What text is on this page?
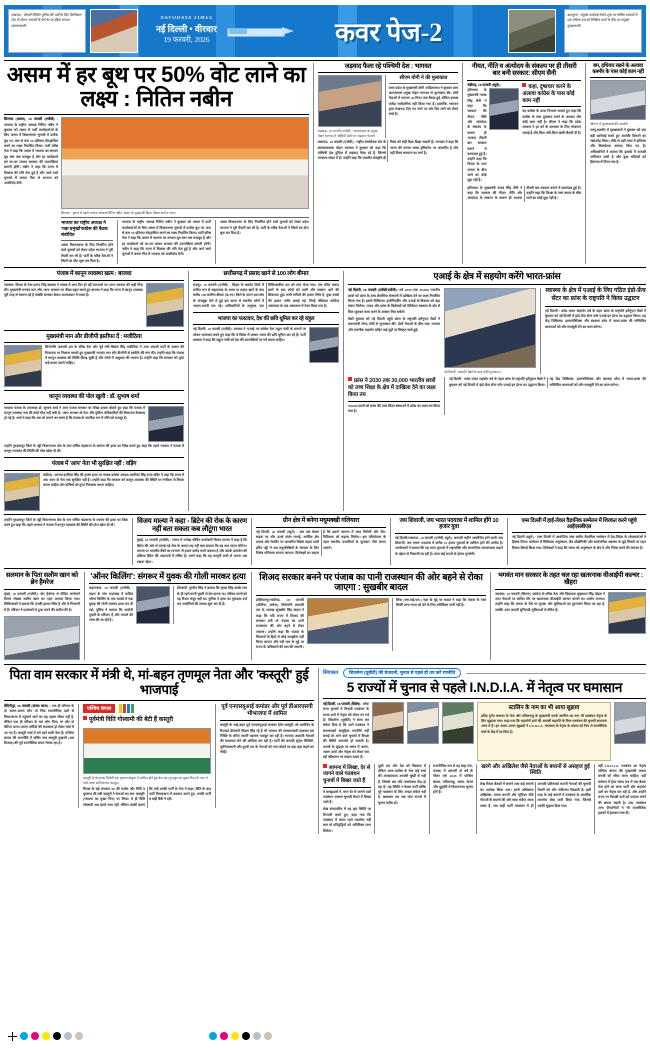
लखनऊ : पीएसी रेजिमेंट पुलिस की भर्ती के लिए फिजिकल टेस्ट के दौरान अभ्यर्थी के पैरों पैर पर बैंडेज लगाता स्वास्थ्यकर्मी।
NAVODAYA TIMES
नई दिल्ली • वीरवार
19 फरवरी, 2026	कवर पेज-2
बारामूला : संयुक्त कार्रवाई सेनाएं शुरू पर घोषित शासकों में एक संदिग्ध मंच को निष्क्रिय करने के लिए पर संयुक्त सुरक्षाकर्मी।
असम में हर बूथ पर 50% वोट लाने का लक्ष्य : नितिन नबीन
सिलचर (असम), 18 फरवरी (एजेंसी) : भाजपा के राष्ट्रीय अध्यक्ष नितिन नबीन ने बुधवार को असम में पार्टी कार्यकर्ताओं के लिए असम में विधानसभा चुनावों में प्रत्येक बूथ पर, कम से कम 50 प्रतिशत वोटहासिल करने का लक्ष्य निर्धारित किया। पार्टी वरिष्ठ नेता ने कहा कि असम में भाजपा का संगठन बूथ स्तर तक मजबूत है और हर कार्यकर्ता को घर-घर जाकर सरकार की उपलब्धियां बतानी होंगी। नबीन ने कहा कि राज्य में विकास की गति तेज हुई है और आने वाले चुनावों में जनता फिर से भाजपा को आशीर्वाद देगी।
सिलचर : चुनाव से पहले भाजपा अध्यक्ष नितिन नबीन, असम के मुख्यमंत्री हिमंत बिस्वा शर्मा व अन्य।
भाजपा का राष्ट्रीय अध्यक्ष ने 'पन्ना प्रमुखों'कांग्रेस की बैठक संबोधित
असम विधानसभा के लिए निर्धारित होने वाले चुनावों को लेकर प्रदेश भाजपा ने पूरी तैयारी कर ली है। पार्टी के वरिष्ठ नेताओं ने जिलों का दौरा शुरू कर दिया है।
भाजपा के राष्ट्रीय अध्यक्ष नितिन नबीन ने बुधवार को असम में पार्टी कार्यकर्ताओं के लिए असम में विधानसभा चुनावों में प्रत्येक बूथ पर, कम से कम 50 प्रतिशत वोटहासिल करने का लक्ष्य निर्धारित किया। पार्टी वरिष्ठ नेता ने कहा कि असम में भाजपा का संगठन बूथ स्तर तक मजबूत है और हर कार्यकर्ता को घर-घर जाकर सरकार की उपलब्धियां बतानी होंगी। नबीन ने कहा कि राज्य में विकास की गति तेज हुई है और आने वाले चुनावों में जनता फिर से भाजपा को आशीर्वाद देगी।
असम विधानसभा के लिए निर्धारित होने वाले चुनावों को लेकर प्रदेश भाजपा ने पूरी तैयारी कर ली है। पार्टी के वरिष्ठ नेताओं ने जिलों का दौरा शुरू कर दिया है।
जड़वाद फैला रहे पश्चिमी देश : भागवत
लखनऊ, 18 फरवरी (एजेंसी) : आरएसएस के प्रमुख मोहन भागवत ने पश्चिमी देशों पर 'जड़वाद' फैलाने
सीएम योगी ने की मुलाकात
उत्तर प्रदेश के मुख्यमंत्री योगी आदित्यनाथ ने बुधवार शाम आरएसएस प्रमुख मोहन भागवत से मुलाकात की। दोनों नेताओं में लगभग 40 मिनट तक बैठक हुई, लेकिन इसका एजेंडा सार्वजनिक नहीं किया गया है। हालांकि, भागवत द्वारा लखनऊ दिए गए जाने पर जोर दिए जाने को लेकर चर्चा है।
लखनऊ, 18 फरवरी (एजेंसी) : राष्ट्रीय स्वयंसेवक संघ के सरसंघचालक मोहन भागवत ने बुधवार को कहा कि पश्चिमी देश दुनिया में जड़वाद फैला रहे हैं, जिससे मानवता संकट में है। उन्होंने कहा कि भारतीय संस्कृति ही विश्व को सही दिशा दिखा सकती है। भागवत ने कहा कि भारत की परंपरा समग्र दृष्टिकोण पर आधारित है और यही विश्व कल्याण का मार्ग है।
नीयत, नीति व अंत्योदय के संकल्प पर ही तीसरी बार बनी सरकार: सीएम सैनी
चंडीगढ़, 18 फरवरी (ब्यूरो):
हरियाणा के मुख्यमंत्री नायब सिंह सैनी ने कहा कि सरकार की नीयत, नीति और अंत्योदय के संकल्प के कारण ही भाजपा तीसरी बार सरकार बनाने में कामयाब हुई है। उन्होंने कहा कि विपक्ष के पास जनता के बीच जाने का कोई मुद्दा नहीं है।
कहा, दुष्प्रचार करने के अलावा कांग्रेस के पास कोई काम नहीं
वह कांग्रेस के ऊपर निशाना साधते हुए कहा कि कांग्रेस के पास दुष्प्रचार करने के अलावा और कोई काम नहीं है। सीएम ने कहा कि प्रदेश सरकार ने हर वर्ग के कल्याण के लिए योजनाएं चलाई हैं और बिना पर्ची-बिना खर्ची नौकरी दी है।
हरियाणा के मुख्यमंत्री नायब सिंह सैनी ने कहा कि सरकार की नीयत, नीति और अंत्योदय के संकल्प के कारण ही भाजपा तीसरी बार सरकार बनाने में कामयाब हुई है। उन्होंने कहा कि विपक्ष के पास जनता के बीच जाने का कोई मुद्दा नहीं है।
बम, हथियार रखने के अलावा कश्मीर के पास कोई काम नहीं
श्रीनगर में सुरक्षाबलों की तलाशी।
जम्मू-कश्मीर में सुरक्षाबलों ने बुधवार को एक बड़ी कार्रवाई करते हुए आतंकी ठिकाने का भंडाफोड़ किया। मौके से बड़ी मात्रा में हथियार और विस्फोटक बरामद किए गए हैं। अधिकारियों ने बताया कि इलाके में तलाशी अभियान जारी है और कुछ संदिग्धों को हिरासत में लिया गया है।
पंजाब में कानून व्यवस्था खत्म : बाजवा
जालंधर: विपक्ष के नेता प्रताप सिंह बाजवा ने पंजाब में आए दिन हो रही घटनाओं पर 'आप' सरकार की कड़ी निंदा की। मुख्यमंत्री भगवंत मान और 'आप' सरकार पर तीखा प्रहार करते हुए बाजवा ने कहा कि राज्य में कानून-व्यवस्था पूरी तरह से चरमरा गई है जबकि सरकार केवल आत्मप्रचार में व्यस्त है।
मुख्यमंत्री मान और डीजीपी इस्तीफा दें : मजीठिया
शिरोमणि अकाली दल के वरिष्ठ नेता और पूर्व मंत्री बिक्रम सिंह मजीठिया ने आम आदमी पार्टी के शासन की विफलता पर निशाना साधते हुए मुख्यमंत्री भगवंत मान और डीजीपी से इस्तीफे की मांग की। उन्होंने कहा कि पंजाब में कानून-व्यवस्था की स्थिति बिगड़ चुकी है और लोगों में असुरक्षा की भावना है। उन्होंने कहा कि सरकार को तुरंत कड़े कदम उठाने चाहिए।
कानून व्यवस्था की पोल खुली : डॉ. सुभाष शर्मा
भाजपा पंजाब के उपाध्यक्ष डॉ. सुभाष शर्मा ने आप पंजाब सरकार पर तीखा हमला बोलते हुए कहा कि पंजाब में कानून व्यवस्था नाम की कोई चीज नहीं बची है। 'आप' सरकार के नेता और पुलिस अधिकारियों की विफलता बेनकाब हो गई है। शर्मा ने कहा कि अब जो लगाने का समय है कि पंजाब के नागरिक भय में जीने को मजबूर हैं।
उन्होंने गुरदासपुर जिले के पट्टी विधानसभा क्षेत्र के नाम चर्चित महासभा के सरपंच की हत्या का जिक्र करते हुए कहा कि पहले भाजपा ने पंजाब में कानून व्यवस्था की स्थिति की पोल खोल दी थी।
पंजाब में 'आप' नेता भी सुरक्षित नहीं : वड़िंग
चंडीगढ़ : सरपंच हरविंदर सिंह की नृशंस हत्या पर पंजाब कांग्रेस अध्यक्ष अमरिंदर सिंह राजा वड़िंग ने कहा कि राज्य में अब 'आप' के नेता तक सुरक्षित नहीं हैं। उन्होंने कहा कि सरकार को कानून-व्यवस्था की स्थिति पर गंभीरता से विचार करना चाहिए और दोषियों को तुरंत गिरफ्तार करना चाहिए।
छत्तीसगढ़ में प्रसाद खाने से 100 लोग बीमार
रायपुर, 18 फरवरी (एजेंसी) : बिहार के बालोद जिले में कथित रूप से महाप्रसाद के असर या प्रसाद खाने के बाद करीब 100 ग्रामीण बीमार पड़ गए। जिले के पाटन ग्राम क्षेत्र के चंगाबुड़ा ठेले में हुई इस घटना से स्थानीय लोगों में अफरा-तफरी मच गई। अधिकारियों के अनुसार, एक चिकित्सकीय दल को गांव भेजा गया। एक मंदिर प्रसाद खाने के बाद लोगों को उल्टी और चक्कर आने की शिकायत हुई। सभी मरीजों की हालत स्थिर है, कुछ बच्चों की हालत गंभीर बताई गई, जिन्हें मेडिकल कॉलेज अस्पताल के एक अस्पताल में रेफर किया गया है।
भाजपा का पलटवार, देश की छवि धूमिल कर रहे राहुल
नई दिल्ली, 18 फरवरी (एजेंसी): भाजपा ने 'एआई' पर कांग्रेस नेता राहुल गांधी के बयानों पर लोकर पलटवार करते हुए कहा कि वे विदेश में जाकर भारत की छवि धूमिल कर रहे हैं। पार्टी प्रवक्ता ने कहा कि राहुल गांधी को देश की उपलब्धियों पर गर्व करना चाहिए।
एआई के क्षेत्र में सहयोग करेंगे भारत-फ्रांस
नई दिल्ली, 18 फरवरी (एजेंसी/एजेंसी): वर्ष 2030 तक 30,000 भारतीय छात्रों को फ्रांस के उच्च शैक्षणिक संस्थानों में दाखिला देने का लक्ष्य निर्धारित किया गया है। इससे चिकित्सा, इंजीनियरिंग और एआई के विकास को बड़ा संबल मिलेगा। भारत और फ्रांस के विशेषज्ञों को डिजिटल स्वास्थ्य के क्षेत्र में मिल जुलकर काम करने के अवसर मिल सकेंगे।
मैक्रों बुधवार को नई दिल्ली पहुंचे फ्रांस के राष्ट्रपति इमैनुएल मैक्रों ने प्रधानमंत्री नरेन्द्र मोदी से मुलाकात की। दोनों नेताओं के बीच रक्षा, व्यापार और तकनीक सहयोग सहित कई मुद्दों पर विस्तृत चर्चा हुई।
नई दिल्ली : राष्ट्रपति मैक्रों के साथ मोदी मुलाकात।
स्वास्थ्य के क्षेत्र में एआई के लिए गठित इंडो-फ्रेंच सेंटर का फ्रांस के राष्ट्रपति ने किया उद्घाटन
नई दिल्ली : फ्रांस-भारत सहयोग वर्ष के तहत फ्रांस के राष्ट्रपति इमैनुएल मैक्रों ने बुधवार को नई दिल्ली में इंडो-फ्रेंच सेंटर फॉर एआई इन हेल्थ का उद्घाटन किया। यह केंद्र चिकित्सा, डायग्नोस्टिक्स और स्वास्थ्य शोध में भारत-फ्रांस की सम्मिलित क्षमताओं को और मजबूती देने का काम करेगा।
फ्रांस ने 2030 तक 30,000 भारतीय छात्रों को उच्च शिक्षा के क्षेत्र में दाखिला देने का लक्ष्य किया तय
30,000 छात्रों को फ्रांस की उच्च शिक्षा संस्थाओं में प्रवेश का लक्ष्य तय किया गया है।
नई दिल्ली : फ्रांस-भारत सहयोग वर्ष के तहत फ्रांस के राष्ट्रपति इमैनुएल मैक्रों ने बुधवार को नई दिल्ली में इंडो-फ्रेंच सेंटर फॉर एआई इन हेल्थ का उद्घाटन किया। यह केंद्र चिकित्सा, डायग्नोस्टिक्स और स्वास्थ्य शोध में भारत-फ्रांस की सम्मिलित क्षमताओं को और मजबूती देने का काम करेगा।
उन्होंने गुरदासपुर जिले के पट्टी विधानसभा क्षेत्र के नाम चर्चित महासभा के सरपंच की हत्या का जिक्र करते हुए कहा कि पहले भाजपा ने पंजाब में कानून व्यवस्था की स्थिति की पोल खोल दी थी।
विजय माल्या ने कहा - ब्रिटेन की रोक के कारण नहीं बता सकता कब लौटूंगा भारत
मुंबई, 18 फरवरी (एजेंसी) : भारत में भगोड़ा घोषित कारोबारी विजय माल्या ने कहा है कि ब्रिटेन की ओर से लगाई गई रोक के कारण वह नहीं बता सकता कि वह कब भारत लौटेगा। माल्या पर भारतीय बैंकों का लगभग नौ हजार करोड़ रुपये बकाया है और उसके प्रत्यर्पण की प्रक्रिया ब्रिटेन की अदालतों में लंबित है। उसने कहा कि वह कानूनी रास्ते से अपना पक्ष रखता रहेगा।
ग्रीन क्षेत्र में बनेगा मधुमक्खी गलियारा
नई दिल्ली, 18 फरवरी (ब्यूरो) : अब तक केवल सड़क पर और ऊर्जा संयंत्र लगाई, आर्थिक क्षेत्र प्रभाव और रेस्टोरेंट पर आधारित विशेष महत्व वाली हरित पट्टी में अब मधुमक्खियों के संरक्षण के लिए विशेष गलियारा बनाया जाएगा। विशेषज्ञों का कहना है कि इससे परागण में मदद मिलेगी और जैव-विविधता को बढ़ावा मिलेगा। इस परियोजना के तहत स्थानीय प्रजातियों के फूलदार पौधे लगाए जाएंगे।
जय शिवाजी, जय भारत पदयात्रा में शामिल होंगे 10 हजार युवा
नई दिल्ली/लखनऊ, 18 फरवरी (एजेंसी, ब्यूरो): आगामी महीने आयोजित होने वाली 'जय शिवाजी, जय भारत' पदयात्रा में करीब 10 हजार युवाओं के शामिल होने की उम्मीद है। आयोजकों ने बताया कि यह यात्रा युवाओं में राष्ट्रभक्ति और सामाजिक जागरूकता बढ़ाने के उद्देश्य से निकाली जा रही है। यात्रा कई राज्यों से होकर गुजरेगी।
एम्स दिल्ली में हाई-लेवल वैज्ञानिक सम्मेलन में शिरकत करने पहुंचे आईएसबीएस
नई दिल्ली (ब्यूरो) : एम्स दिल्ली में आयोजित उच्च स्तरीय वैज्ञानिक सम्मेलन में देश-विदेश के शोधकर्ताओं ने हिस्सा लिया। सम्मेलन में चिकित्सा अनुसंधान, जैव प्रौद्योगिकी और सार्वजनिक स्वास्थ्य से जुड़े विषयों पर गहन विचार-विमर्श किया गया। विशेषज्ञों ने कहा कि भारत को अनुसंधान के क्षेत्र में और निवेश करने की जरूरत है।
सलमान के पिता सलीम खान को ब्रेन हैमरेज
मुंबई, 18 फरवरी (एजेंसी): 'ब्रेन हैमरेज' से पीड़ित जानेमाने फिल्म लेखक सलीम खान का गहन उपचार किया गया। चिकित्सकों ने बताया कि उनकी हालत स्थिर है और वे निगरानी में हैं। परिवार ने प्रशंसकों से दुआ करने की अपील की है।
'ऑनर किलिंग': संगरूर में युवक की गोली मारकर हत्या
लहरागागा, 18 फरवरी (एजेंसी) : लहरा के गांव भदलवड में कथित ऑनर किलिंग के एक मामले में एक युवक की गोली मारकर हत्या कर दी गई। पुलिस ने बताया कि आरोपी युवती के परिजन हैं और मामले की जांच की जा रही है।
डीएसपी. गुरमीत सिंह ने बताया कि मृतक सिंह उसके गांव के ही रहने वाली युवती से प्रेम करता था। परिवार वालों को यह रिश्ता मंजूर नहीं था। पुलिस ने हत्या का मुकदमा दर्ज कर आरोपियों की तलाश शुरू कर दी है।
शिअद सरकार बनने पर पंजाब का पानी राजस्थान की ओर बहने से रोका जाएगा : सुखबीर बादल
होशियारपुर/चंडीगढ़, 18 फरवरी (सोनिया, अर्चना): शिरोमणि अकाली दल के अध्यक्ष सुखबीर सिंह बादल ने कहा कि यदि राज्य में शिअद की सरकार बनी तो पंजाब का पानी राजस्थान की ओर बहने से रोका जाएगा। उन्होंने कहा कि पंजाब के किसानों के हितों से कोई समझौता नहीं किया जाएगा और नदी जल के मुद्दे पर राज्य के अधिकारों की रक्षा की जाएगी।
लिंक (एस.वाई.एल.) नहर के मुद्दे पर बादल ने कहा कि पंजाब के पास किसी अन्य राज्य को देने के लिए अतिरिक्त पानी नहीं है।
भगवंत मान सरकार के तहत चल रहा खतरनाक वीआईपी कल्चर : खैहरा
जालंधर, 18 फरवरी (किरण): कांग्रेस के वरिष्ठ नेता और विधायक सुखपाल सिंह खैहरा ने आप नेताओं पर कथित तौर पर खतरनाक वीआईपी कल्चर चलाने का आरोप लगाया। उन्होंने कहा कि जनता के पैसे पर सुरक्षा और सुविधाओं का दुरुपयोग किया जा रहा है, जबकि आम आदमी बुनियादी सुविधाओं से वंचित है।
पिता वाम सरकार में मंत्री थे, मां-बहन तृणमूल नेता और 'कस्तूरी' हुई भाजपाई
मेदिनीपुर, 18 फरवरी (संजय जाना) : एक ही परिवार के दो अलग-अलग लोग दो भिन्न राजनीतिक दलों से विधानसभा में पहुंचाने वाले का यह पहला मौका नहीं है, लेकिन एक ही परिवार के चार लोग पिता, मां और दो बेटियां अलग-अलग पार्टियों की सदस्यता हो लेकर चर्चा में आ गए हैं। कस्तूरी चर्चा में बने रहने वाली नेता हैं। पश्चिम बंगाल की राजनीति में चर्चित नाम कस्तूरी मुखर्जी (अब विजया) की पूर्व राजनीतिक सफर रोचक रहा है।
पश्चिम बंगाल
पूर्वमंत्री विति गोस्वामी की बेटी हैं कस्तूरी
कस्तूरी के के इनका मिलेगी एक कृष्णन बांकुरा में शामिल होने हुए बेटा रहा (तृणमूल का मुखर पिच) के नाम 'ने-नाथे-नाथा' शानिजनाब मजबूत।
विपक्ष के बड़े मंत्रालय 90 की चर्चाएं और विति व युवराज की मंडी कस्तूरी ने नेताओं का नाम 'कस्तूरी' (भाजपा का मुखर पिच) पर लिया। वे ही विति गोस्वामी अब हमारे साथ नहीं, लेकिन उनकी बताएं कि उन्हें उनकी पार्टी के नेता ने कहा। विति के बाद पार्टी विचारधारा में बदलाव करते हुए, उनकी पार्टी व कहीं बैठी ने रही।
पूर्व एनएसयूआई कमांडर और पूर्व डीआरएसपी भीभाजपा में शामिल
कस्तूरी के भाई-बहन पूर्व एनएसयूआई कमांडर देवेन कस्तूरी, जो आरोपित के रिटायर्ड डीएसपी विक्रम सिंह रहे हैं भी भाजपा की तलवारवाली व्यवस्था इस निर्दिष्ट के जरिए अपनी पहचान मजबूत कर रही है। भाजपा अकाली नेताओं की सदस्यता लेने की कोशिश कर रही है। पार्टी की कमांडी सुदेश शिविधी, पूर्वनेताकाली और दूसरी दल के नेताओं को नाम जोड़ने पर बड़ा-बड़ा कहने का नेतेहैं।
सियासत	शिवसेना (यूबीटी) की चेतावनी, चुनाव से पहले ही तय करें रणनीति
5 राज्यों में चुनाव से पहले I.N.D.I.A. में नेतृत्व पर घमासान
नई दिल्ली, 18 फरवरी (विशेष) : लोक सभा चुनावों में विपक्षी गठबंधन के घटक दलों में नेतृत्व को लेकर ठन गई है। शिवसेना (यूबीटी) ने साफ कर संकेत दिया है कि आगे गठबंधन ने समन्वयकों सामूहिक रणनीति नहीं बनाई तो आने वाले चुनावों में विपक्ष की स्थिति कमजोर हो सकती है। घटकों के सुझाव पर समय में अलग-अलग दावों और नेतृत्व को लेकर चल रही खींचतान पर सवाल उठाए हैं।
स्टालिन के नाम का भी आया सुझाव
द्रविड़ मुनेत्र कषगम के नेता और तमिलनाडु के मुख्यमंत्री एमके स्टालिन का नाम भी गठबंधन नेतृत्व के लिए सुझाया गया। कहा गया कि सहयोगी दलों की आपसी सहमति के बिना गठबंधन की चुनावी सफलता अधर में है। इन अलग-अलग सुझावों ने I.N.D.I.A. गठबंधन के नेतृत्व के सवाल को फिर से राजनीतिक चर्चा के केंद्र में ला दिया है।
सामना में लिखा, देर से जागने वाले गठबंधन चुनावों में बिखर जाते हैं
ये समझदारों ने, मगर देर से जागने वाले गठबंधन आसान चुनावी मैदान में बिखर जाते हैं।
लेख संपादकीय में यह कृत स्थिति पर टिप्पणी करते हुए, कहा गया कि गठबंधन में समय रहते तालमेल नहीं बना तो प्रतिद्वंद्वियों को अतिरिक्त लाभ मिलेगा।
दूसरे दल और देश को विश्वास में लेकिन आज कांग्रेस के नेता कई चर्चा की आवश्यकता आपसी सुर्खी से नहीं हैं, जिससे भ्रम और असमंजस पैदा हो रहा है। यह स्थिति न केवल पार्टी बल्कि पूरे गठबंधन के लिए अच्छा संकेत नहीं है, खासकर तब जब पांच राज्यों में चुनाव करीब हों।
राजनीतिक रूप से यह कहा गया, पंजाब, में आगामी दो वर्ष के भीतर वर्ष 2026 में पश्चिम बंगाल, तमिलनाडु, असम, केरल और पुडुचेरी में विधानसभा चुनाव होने हैं।
खरगे और अखिलेश जैसे नेताओं के बयानों से असहज हुई स्थिति
लेख मैंकस बैठकों में सामने आए कई बयानों का उल्लेख किया गया। इनमें अधिकांश अखिलेश, ममता बनर्जी और भूमिका जैसे नेताओं के बयानों की ओर साफ संकेत आता जाता है, जब कहीं पार्टी गठबंधन में ही आपसी प्रतिस्पर्धा कथनी नेताओं की चुनावी तैयारी को और जटिलता दिखाती है। इसी तरह के कई बयानों में गठबंधन के आंतरिक तालमेल लेख जारी किया गया, जिससे उनकी सुझाव दिया गया।
वहीं I.N.D.I.A. गठबंधन का नेतृत्व पश्चिम बंगाल की मुख्यमंत्री ममता बनर्जी को सौंपा जाना चाहिए। वहीं वर्तमान में हैदर संसद सत्र में एक बैठक नेता होने का साफ पार्टी और सहयोग दलों का नेतृत्व कर रही है, और उन्होंने राज्य पर विपक्षी दलों को फायदा करने की क्षमता रखती है। अब, गठबंधन अन्य टिप्पणियों ने भी राजनीतिक हलकों में हलचल मचा दी।
